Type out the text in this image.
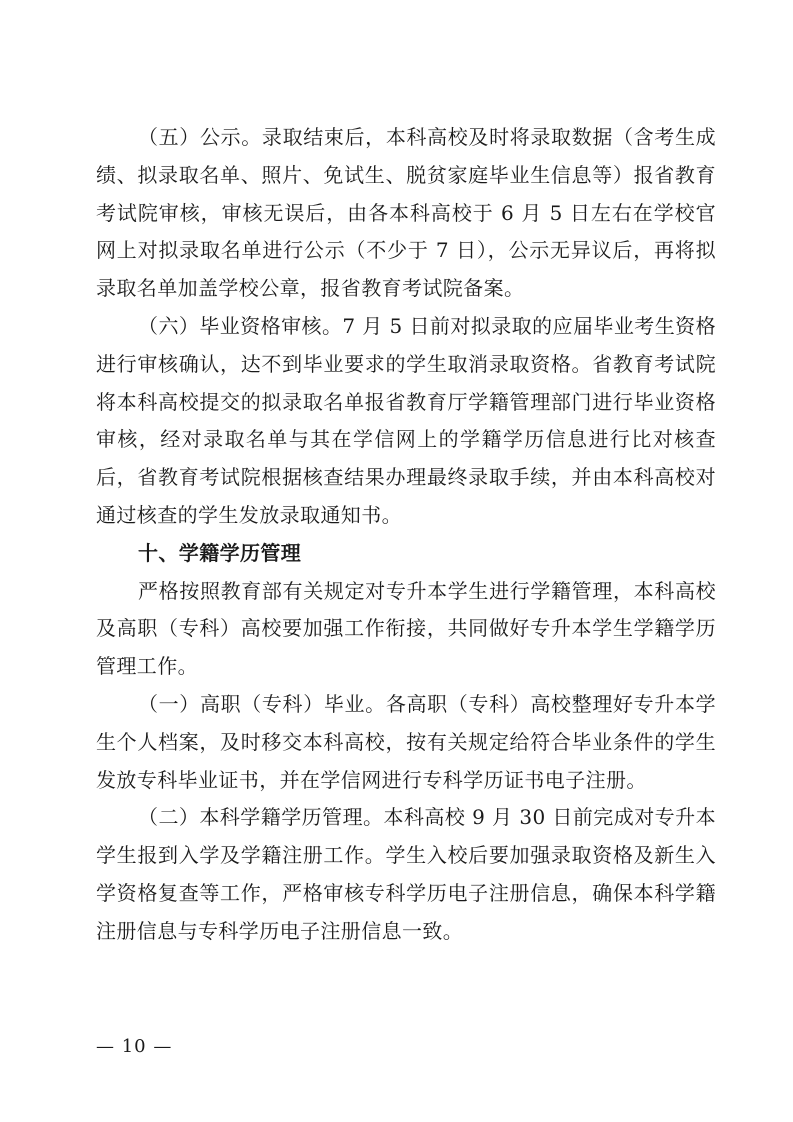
（五）公示。录取结束后，本科高校及时将录取数据（含考生成绩、拟录取名单、照片、免试生、脱贫家庭毕业生信息等）报省教育考试院审核，审核无误后，由各本科高校于 6 月 5 日左右在学校官网上对拟录取名单进行公示（不少于 7 日），公示无异议后，再将拟录取名单加盖学校公章，报省教育考试院备案。

（六）毕业资格审核。7 月 5 日前对拟录取的应届毕业考生资格进行审核确认，达不到毕业要求的学生取消录取资格。省教育考试院将本科高校提交的拟录取名单报省教育厅学籍管理部门进行毕业资格审核，经对录取名单与其在学信网上的学籍学历信息进行比对核查后，省教育考试院根据核查结果办理最终录取手续，并由本科高校对通过核查的学生发放录取通知书。

十、学籍学历管理

严格按照教育部有关规定对专升本学生进行学籍管理，本科高校及高职（专科）高校要加强工作衔接，共同做好专升本学生学籍学历管理工作。

（一）高职（专科）毕业。各高职（专科）高校整理好专升本学生个人档案，及时移交本科高校，按有关规定给符合毕业条件的学生发放专科毕业证书，并在学信网进行专科学历证书电子注册。

（二）本科学籍学历管理。本科高校 9 月 30 日前完成对专升本学生报到入学及学籍注册工作。学生入校后要加强录取资格及新生入学资格复查等工作，严格审核专科学历电子注册信息，确保本科学籍注册信息与专科学历电子注册信息一致。

— 10 —
